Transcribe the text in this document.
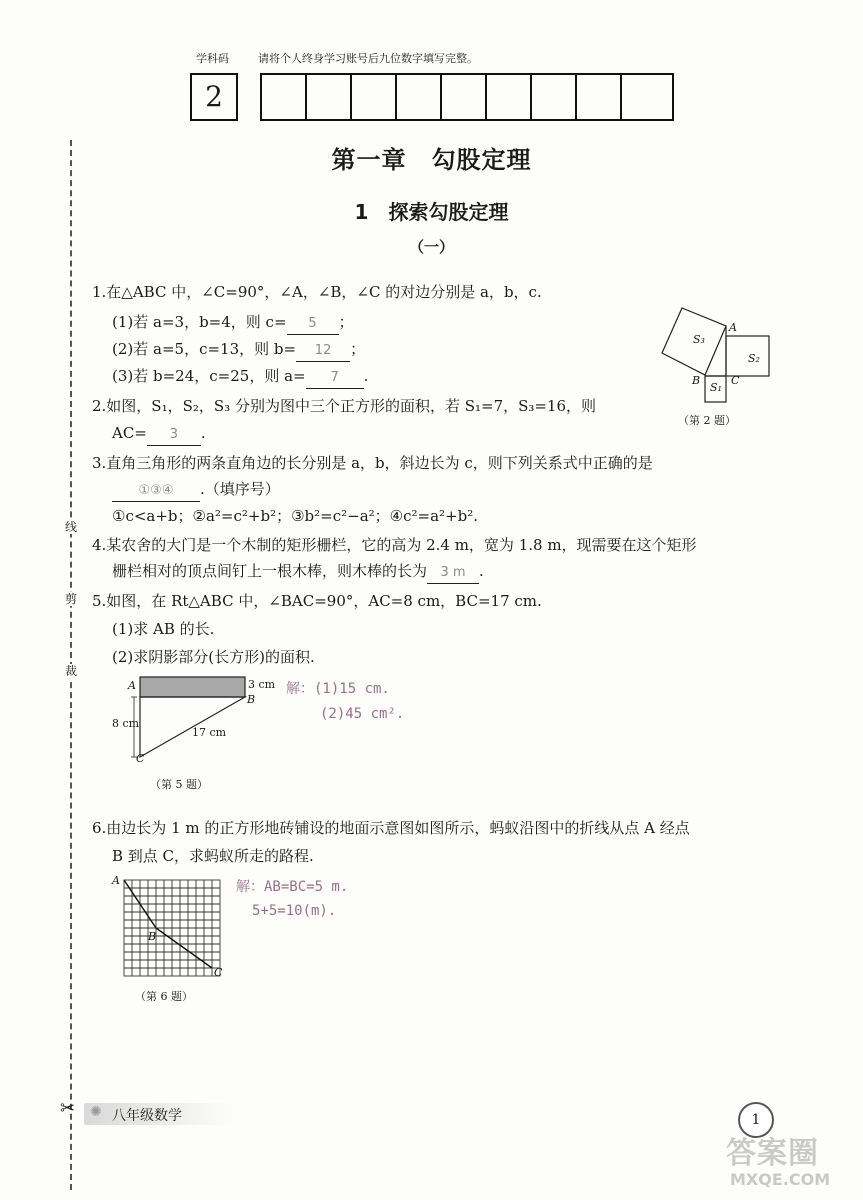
线
剪
裁
✂
学科码	请将个人终身学习账号后九位数字填写完整。
2
第一章　勾股定理
1　探索勾股定理
（一）
1.在△ABC 中，∠C=90°，∠A，∠B，∠C 的对边分别是 a，b，c.
(1)若 a=3，b=4，则 c= 5 ；
(2)若 a=5，c=13，则 b= 12 ；
(3)若 b=24，c=25，则 a= 7 .
S₃
S₂
S₁
A
B	C
（第 2 题）
2.如图，S₁，S₂，S₃ 分别为图中三个正方形的面积，若 S₁=7，S₃=16，则
AC= 3 .
3.直角三角形的两条直角边的长分别是 a，b，斜边长为 c，则下列关系式中正确的是
①③④ .（填序号）
①c<a+b；②a²=c²+b²；③b²=c²−a²；④c²=a²+b².
4.某农舍的大门是一个木制的矩形栅栏，它的高为 2.4 m，宽为 1.8 m，现需要在这个矩形
栅栏相对的顶点间钉上一根木棒，则木棒的长为 3 m .
5.如图，在 Rt△ABC 中，∠BAC=90°，AC=8 cm，BC=17 cm.
(1)求 AB 的长.
(2)求阴影部分(长方形)的面积.
A
B
C
3 cm
8 cm
17 cm
（第 5 题）
解：(1)15 cm.
(2)45 cm².
6.由边长为 1 m 的正方形地砖铺设的地面示意图如图所示，蚂蚁沿图中的折线从点 A 经点
B 到点 C，求蚂蚁所走的路程.
A
B
C
（第 6 题）
解：AB=BC=5 m.
5+5=10(m).
✺ 八年级数学	1
答案圈
MXQE.COM
